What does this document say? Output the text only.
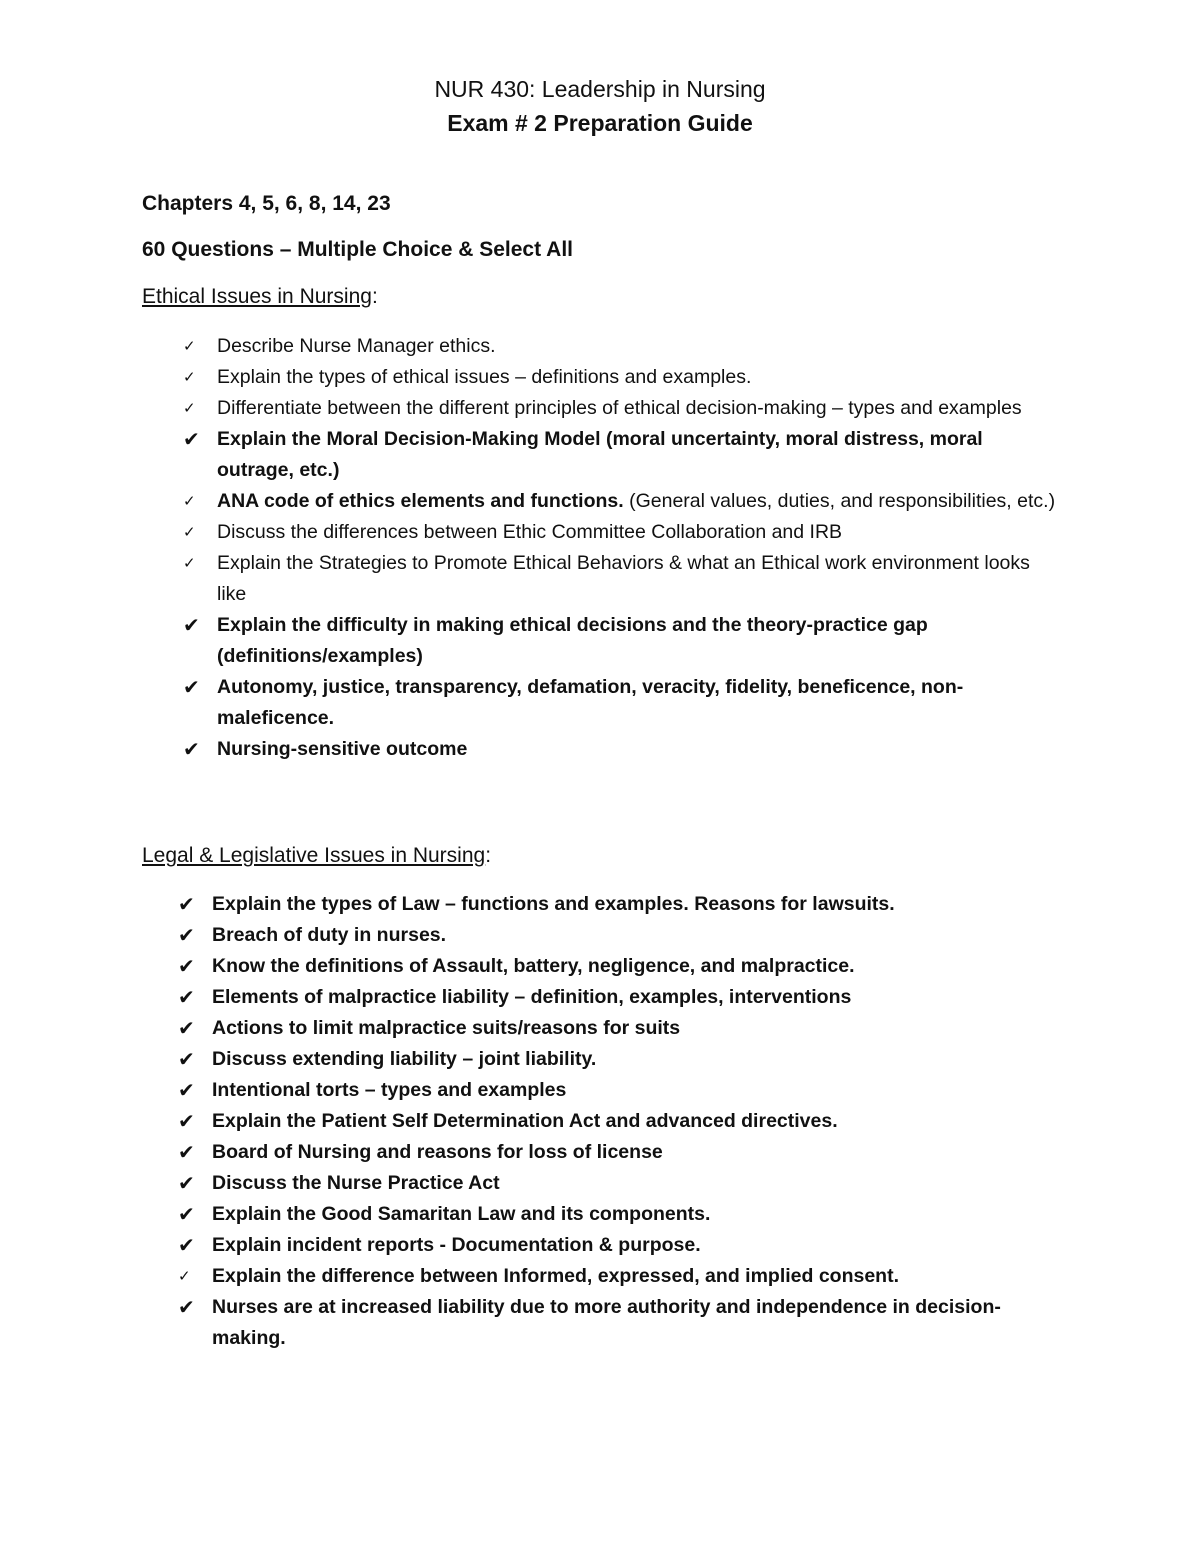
NUR 430: Leadership in Nursing
Exam # 2 Preparation Guide
Chapters 4, 5, 6, 8, 14, 23
60 Questions – Multiple Choice & Select All
Ethical Issues in Nursing:
✓	Describe Nurse Manager ethics.
✓	Explain the types of ethical issues – definitions and examples.
✓	Differentiate between the different principles of ethical decision-making – types and examples
✔ Explain the Moral Decision-Making Model (moral uncertainty, moral distress, moral outrage, etc.)
✓	ANA code of ethics elements and functions. (General values, duties, and responsibilities, etc.)
✓	Discuss the differences between Ethic Committee Collaboration and IRB
✓	Explain the Strategies to Promote Ethical Behaviors & what an Ethical work environment looks like
✔ Explain the difficulty in making ethical decisions and the theory-practice gap (definitions/examples)
✔ Autonomy, justice, transparency, defamation, veracity, fidelity, beneficence, non-maleficence.
✔ Nursing-sensitive outcome
Legal & Legislative Issues in Nursing:
✔ Explain the types of Law – functions and examples. Reasons for lawsuits.
✔ Breach of duty in nurses.
✔ Know the definitions of Assault, battery, negligence, and malpractice.
✔ Elements of malpractice liability – definition, examples, interventions
✔ Actions to limit malpractice suits/reasons for suits
✔ Discuss extending liability – joint liability.
✔ Intentional torts – types and examples
✔ Explain the Patient Self Determination Act and advanced directives.
✔ Board of Nursing and reasons for loss of license
✔ Discuss the Nurse Practice Act
✔ Explain the Good Samaritan Law and its components.
✔ Explain incident reports - Documentation & purpose.
✓	Explain the difference between Informed, expressed, and implied consent.
✔ Nurses are at increased liability due to more authority and independence in decision-making.
